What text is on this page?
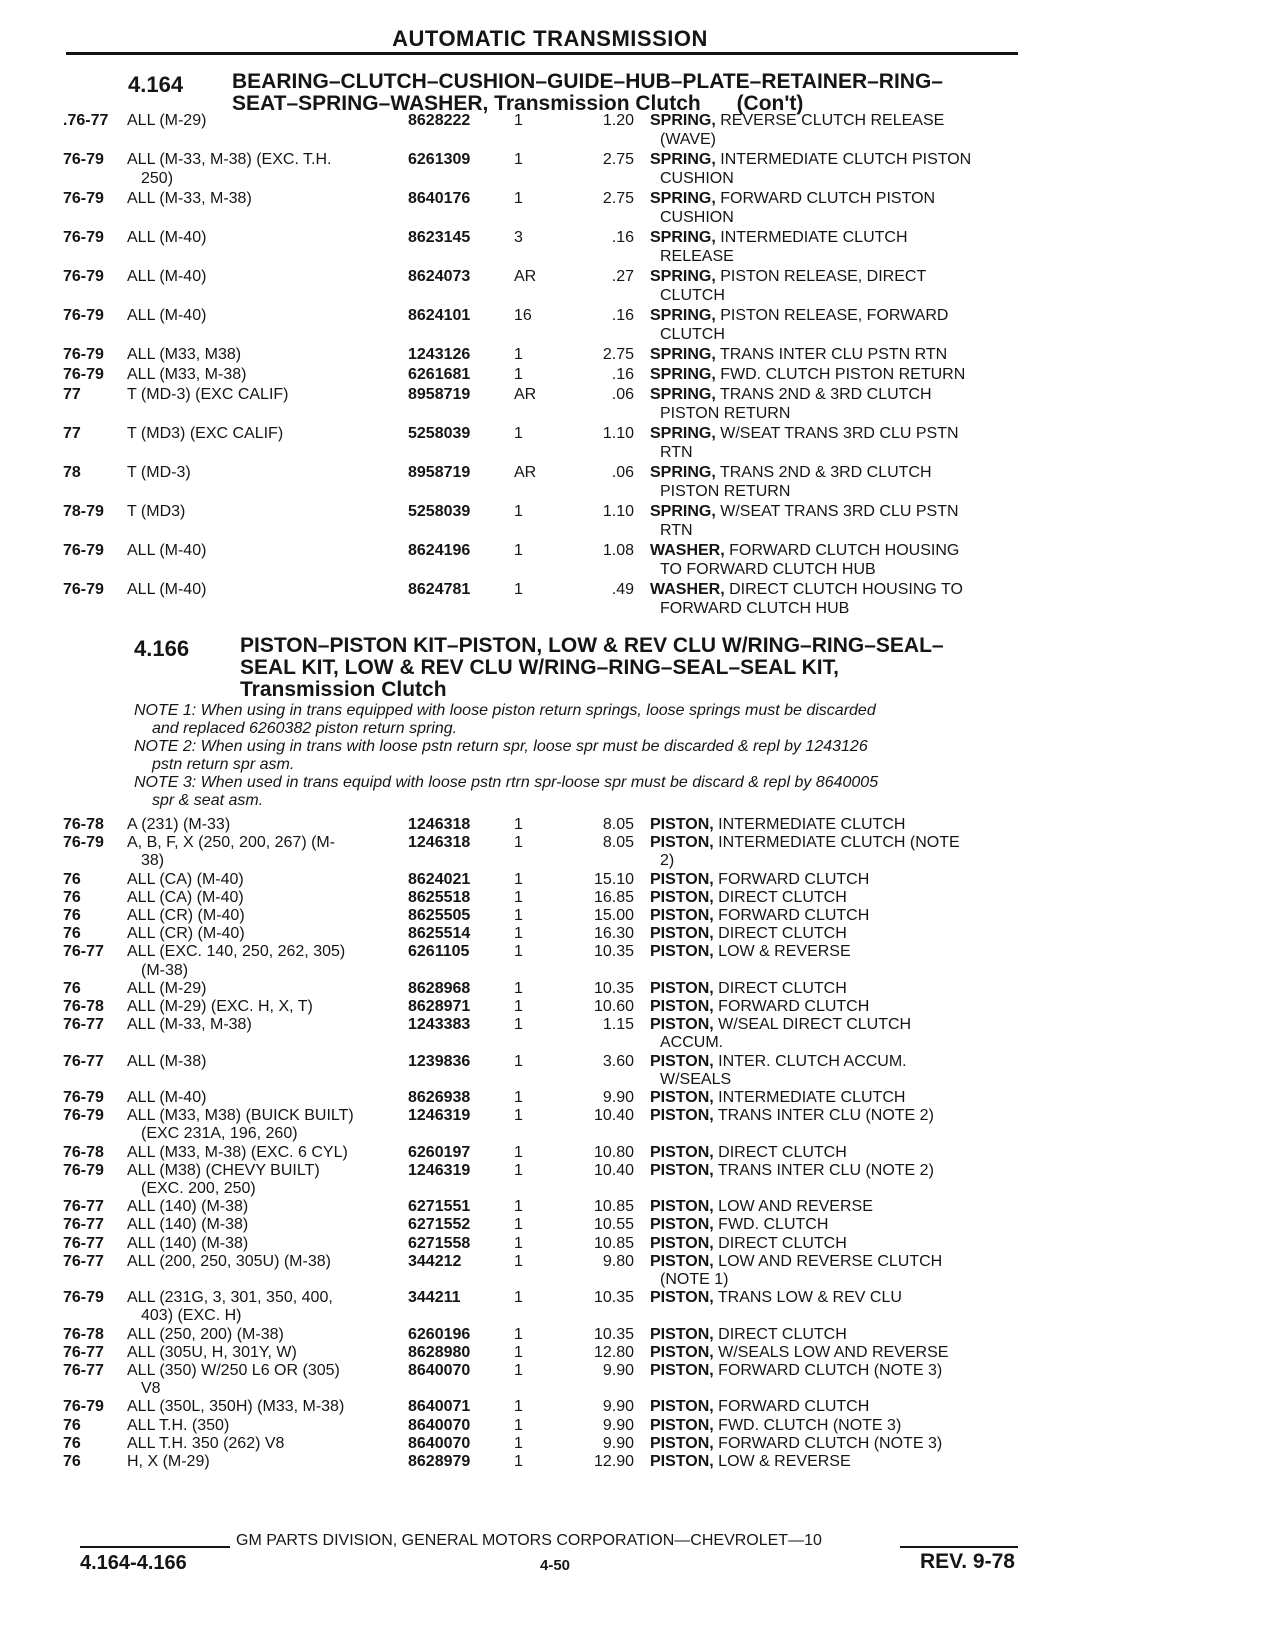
AUTOMATIC TRANSMISSION
4.164 BEARING–CLUTCH–CUSHION–GUIDE–HUB–PLATE–RETAINER–RING–
SEAT–SPRING–WASHER, Transmission Clutch (Con't)
.76-77	ALL (M-29)	8628222	1	1.20 SPRING, REVERSE CLUTCH RELEASE
(WAVE)
76-79	ALL (M-33, M-38) (EXC. T.H.	6261309	1	2.75 SPRING, INTERMEDIATE CLUTCH PISTON
250)	CUSHION
76-79	ALL (M-33, M-38)	8640176	1	2.75 SPRING, FORWARD CLUTCH PISTON
CUSHION
76-79	ALL (M-40)	8623145	3	.16 SPRING, INTERMEDIATE CLUTCH
RELEASE
76-79	ALL (M-40)	8624073	AR	.27 SPRING, PISTON RELEASE, DIRECT
CLUTCH
76-79	ALL (M-40)	8624101	16	.16 SPRING, PISTON RELEASE, FORWARD
CLUTCH
76-79	ALL (M33, M38)	1243126	1	2.75 SPRING, TRANS INTER CLU PSTN RTN
76-79	ALL (M33, M-38)	6261681	1	.16 SPRING, FWD. CLUTCH PISTON RETURN
77	T (MD-3) (EXC CALIF)	8958719	AR	.06 SPRING, TRANS 2ND & 3RD CLUTCH
PISTON RETURN
77	T (MD3) (EXC CALIF)	5258039	1	1.10 SPRING, W/SEAT TRANS 3RD CLU PSTN
RTN
78	T (MD-3)	8958719	AR	.06 SPRING, TRANS 2ND & 3RD CLUTCH
PISTON RETURN
78-79	T (MD3)	5258039	1	1.10 SPRING, W/SEAT TRANS 3RD CLU PSTN
RTN
76-79	ALL (M-40)	8624196	1	1.08 WASHER, FORWARD CLUTCH HOUSING
TO FORWARD CLUTCH HUB
76-79	ALL (M-40)	8624781	1	.49 WASHER, DIRECT CLUTCH HOUSING TO
FORWARD CLUTCH HUB
4.166 PISTON–PISTON KIT–PISTON, LOW & REV CLU W/RING–RING–SEAL–
SEAL KIT, LOW & REV CLU W/RING–RING–SEAL–SEAL KIT,
Transmission Clutch
NOTE 1: When using in trans equipped with loose piston return springs, loose springs must be discarded
and replaced 6260382 piston return spring.
NOTE 2: When using in trans with loose pstn return spr, loose spr must be discarded & repl by 1243126
pstn return spr asm.
NOTE 3: When used in trans equipd with loose pstn rtrn spr-loose spr must be discard & repl by 8640005
spr & seat asm.
76-78	A (231) (M-33)	1246318	1	8.05 PISTON, INTERMEDIATE CLUTCH
76-79	A, B, F, X (250, 200, 267) (M-	1246318	1	8.05 PISTON, INTERMEDIATE CLUTCH (NOTE
38)	2)
76	ALL (CA) (M-40)	8624021	1	15.10 PISTON, FORWARD CLUTCH
76	ALL (CA) (M-40)	8625518	1	16.85 PISTON, DIRECT CLUTCH
76	ALL (CR) (M-40)	8625505	1	15.00 PISTON, FORWARD CLUTCH
76	ALL (CR) (M-40)	8625514	1	16.30 PISTON, DIRECT CLUTCH
76-77	ALL (EXC. 140, 250, 262, 305)	6261105	1	10.35 PISTON, LOW & REVERSE
(M-38)
76	ALL (M-29)	8628968	1	10.35 PISTON, DIRECT CLUTCH
76-78	ALL (M-29) (EXC. H, X, T)	8628971	1	10.60 PISTON, FORWARD CLUTCH
76-77	ALL (M-33, M-38)	1243383	1	1.15 PISTON, W/SEAL DIRECT CLUTCH
ACCUM.
76-77	ALL (M-38)	1239836	1	3.60 PISTON, INTER. CLUTCH ACCUM.
W/SEALS
76-79	ALL (M-40)	8626938	1	9.90 PISTON, INTERMEDIATE CLUTCH
76-79	ALL (M33, M38) (BUICK BUILT)	1246319	1	10.40 PISTON, TRANS INTER CLU (NOTE 2)
(EXC 231A, 196, 260)
76-78	ALL (M33, M-38) (EXC. 6 CYL)	6260197	1	10.80 PISTON, DIRECT CLUTCH
76-79	ALL (M38) (CHEVY BUILT)	1246319	1	10.40 PISTON, TRANS INTER CLU (NOTE 2)
(EXC. 200, 250)
76-77	ALL (140) (M-38)	6271551	1	10.85 PISTON, LOW AND REVERSE
76-77	ALL (140) (M-38)	6271552	1	10.55 PISTON, FWD. CLUTCH
76-77	ALL (140) (M-38)	6271558	1	10.85 PISTON, DIRECT CLUTCH
76-77	ALL (200, 250, 305U) (M-38)	344212	1	9.80 PISTON, LOW AND REVERSE CLUTCH
(NOTE 1)
76-79	ALL (231G, 3, 301, 350, 400,	344211	1	10.35 PISTON, TRANS LOW & REV CLU
403) (EXC. H)
76-78	ALL (250, 200) (M-38)	6260196	1	10.35 PISTON, DIRECT CLUTCH
76-77	ALL (305U, H, 301Y, W)	8628980	1	12.80 PISTON, W/SEALS LOW AND REVERSE
76-77	ALL (350) W/250 L6 OR (305)	8640070	1	9.90 PISTON, FORWARD CLUTCH (NOTE 3)
V8
76-79	ALL (350L, 350H) (M33, M-38)	8640071	1	9.90 PISTON, FORWARD CLUTCH
76	ALL T.H. (350)	8640070	1	9.90 PISTON, FWD. CLUTCH (NOTE 3)
76	ALL T.H. 350 (262) V8	8640070	1	9.90 PISTON, FORWARD CLUTCH (NOTE 3)
76	H, X (M-29)	8628979	1	12.90 PISTON, LOW & REVERSE
GM PARTS DIVISION, GENERAL MOTORS CORPORATION—CHEVROLET—10
4.164-4.166	4-50	REV. 9-78
